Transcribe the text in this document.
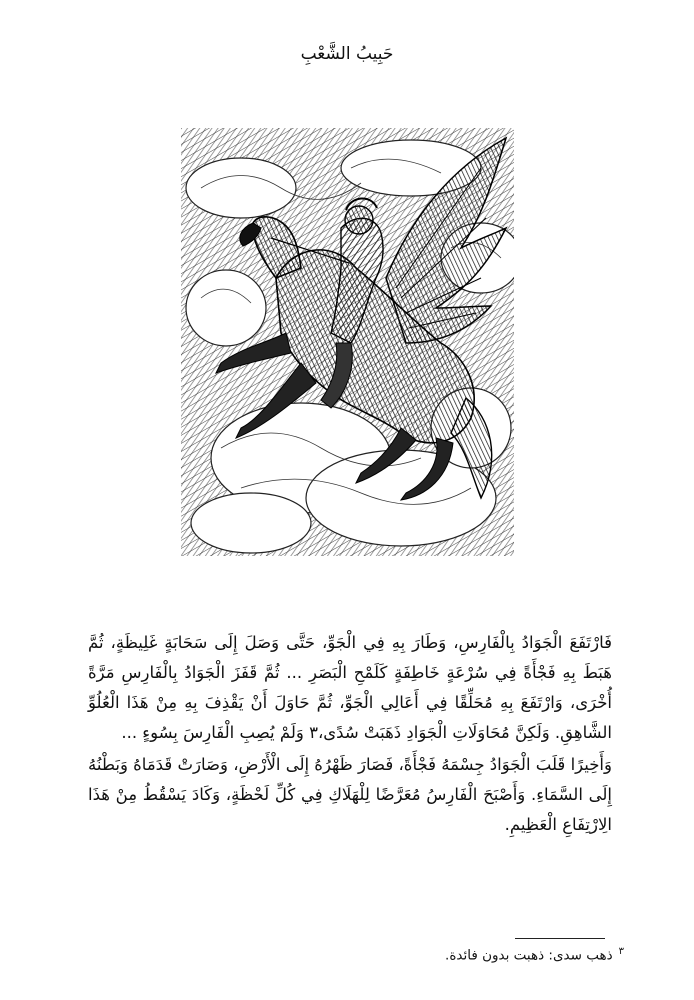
حَبِيبُ الشَّعْبِ

فَارْتَفَعَ الْجَوَادُ بِالْفَارِسِ، وَطَارَ بِهِ فِي الْجَوِّ، حَتَّى وَصَلَ إِلَى سَحَابَةٍ غَلِيظَةٍ، ثُمَّ هَبَطَ بِهِ فَجْأَةً فِي سُرْعَةٍ خَاطِفَةٍ كَلَمْحِ الْبَصَرِ ... ثُمَّ قَفَزَ الْجَوَادُ بِالْفَارِسِ مَرَّةً أُخْرَى، وَارْتَفَعَ بِهِ مُحَلِّقًا فِي أَعَالِي الْجَوِّ، ثُمَّ حَاوَلَ أَنْ يَقْذِفَ بِهِ مِنْ هَذَا الْعُلُوِّ الشَّاهِقِ. وَلَكِنَّ مُحَاوَلَاتِ الْجَوَادِ ذَهَبَتْ سُدًى،٣ وَلَمْ يُصِبِ الْفَارِسَ بِسُوءٍ ...

وَأَخِيرًا قَلَبَ الْجَوَادُ جِسْمَهُ فَجْأَةً، فَصَارَ ظَهْرُهُ إِلَى الْأَرْضِ، وَصَارَتْ قَدَمَاهُ وَبَطْنُهُ إِلَى السَّمَاءِ. وَأَصْبَحَ الْفَارِسُ مُعَرَّضًا لِلْهَلَاكِ فِي كُلِّ لَحْظَةٍ، وَكَادَ يَسْقُطُ مِنْ هَذَا الِارْتِفَاعِ الْعَظِيمِ.

$^٣$ذهب سدى: ذهبت بدون فائدة.
